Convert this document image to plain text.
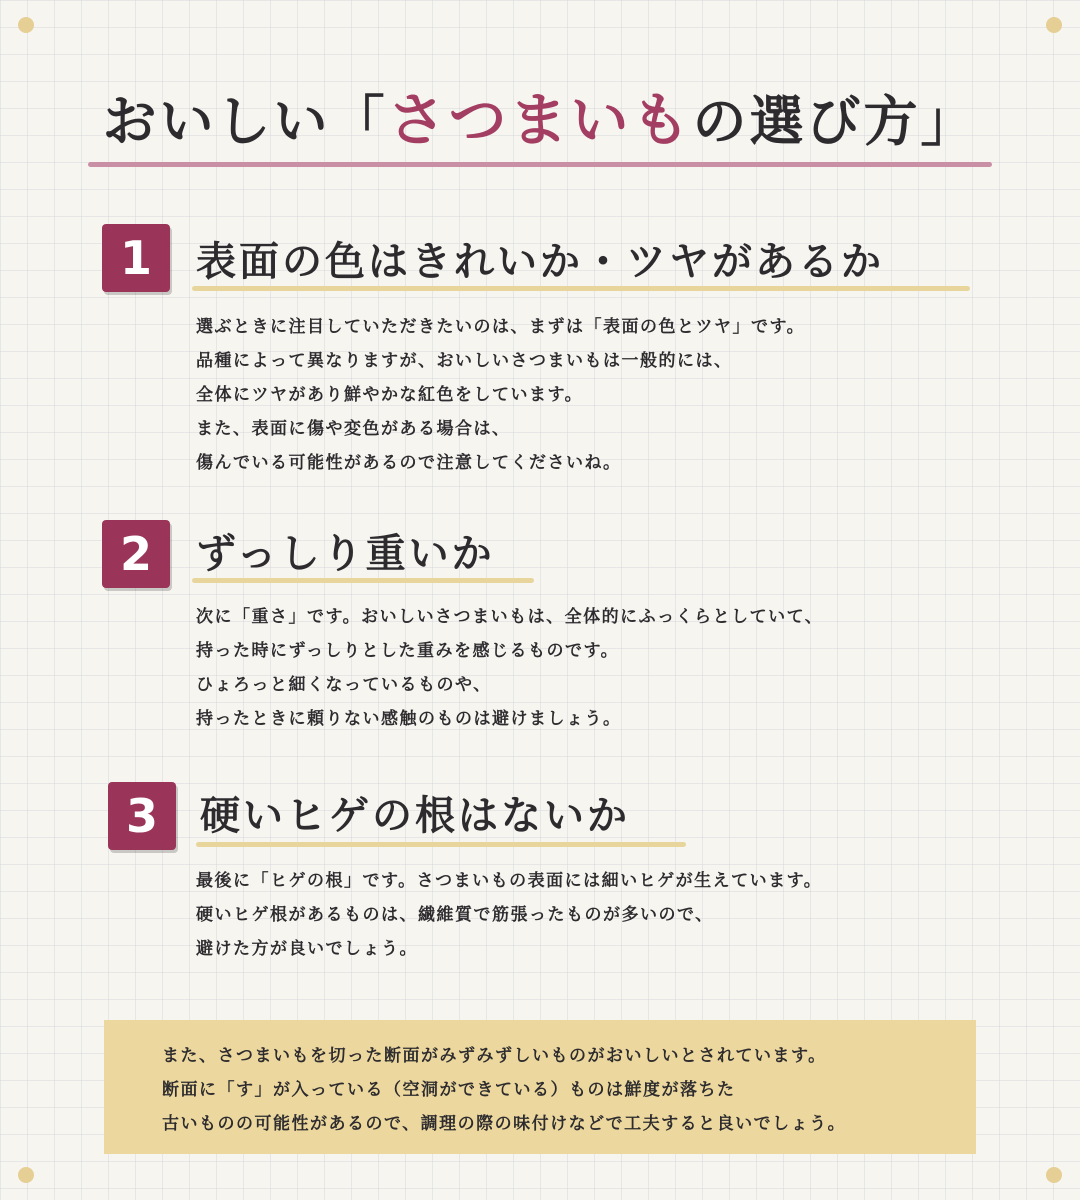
おいしい「さつまいもの選び方」
1	表面の色はきれいか・ツヤがあるか
選ぶときに注目していただきたいのは、まずは「表面の色とツヤ」です。
品種によって異なりますが、おいしいさつまいもは一般的には、
全体にツヤがあり鮮やかな紅色をしています。
また、表面に傷や変色がある場合は、
傷んでいる可能性があるので注意してくださいね。
2	ずっしり重いか
次に「重さ」です。おいしいさつまいもは、全体的にふっくらとしていて、
持った時にずっしりとした重みを感じるものです。
ひょろっと細くなっているものや、
持ったときに頼りない感触のものは避けましょう。
3	硬いヒゲの根はないか
最後に「ヒゲの根」です。さつまいもの表面には細いヒゲが生えています。
硬いヒゲ根があるものは、繊維質で筋張ったものが多いので、
避けた方が良いでしょう。
また、さつまいもを切った断面がみずみずしいものがおいしいとされています。
断面に「す」が入っている（空洞ができている）ものは鮮度が落ちた
古いものの可能性があるので、調理の際の味付けなどで工夫すると良いでしょう。
